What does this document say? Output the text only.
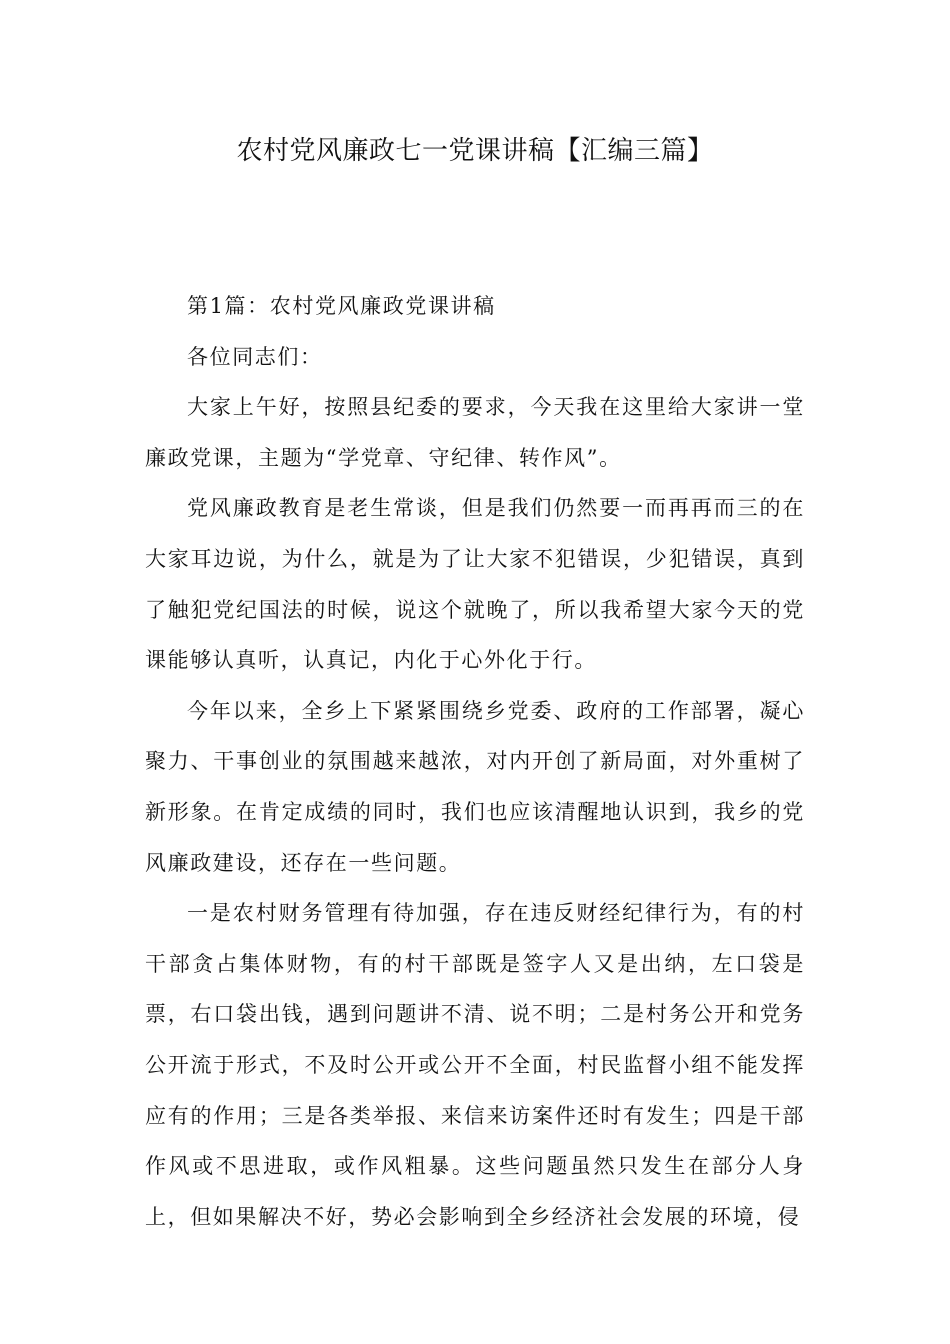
农村党风廉政七一党课讲稿【汇编三篇】

第1篇：农村党风廉政党课讲稿

各位同志们：

大家上午好，按照县纪委的要求，今天我在这里给大家讲一堂廉政党课，主题为“学党章、守纪律、转作风”。

党风廉政教育是老生常谈，但是我们仍然要一而再再而三的在大家耳边说，为什么，就是为了让大家不犯错误，少犯错误，真到了触犯党纪国法的时候，说这个就晚了，所以我希望大家今天的党课能够认真听，认真记，内化于心外化于行。

今年以来，全乡上下紧紧围绕乡党委、政府的工作部署，凝心聚力、干事创业的氛围越来越浓，对内开创了新局面，对外重树了新形象。在肯定成绩的同时，我们也应该清醒地认识到，我乡的党风廉政建设，还存在一些问题。

一是农村财务管理有待加强，存在违反财经纪律行为，有的村干部贪占集体财物，有的村干部既是签字人又是出纳，左口袋是票，右口袋出钱，遇到问题讲不清、说不明；二是村务公开和党务公开流于形式，不及时公开或公开不全面，村民监督小组不能发挥应有的作用；三是各类举报、来信来访案件还时有发生；四是干部作风或不思进取，或作风粗暴。这些问题虽然只发生在部分人身上，但如果解决不好，势必会影响到全乡经济社会发展的环境，侵
